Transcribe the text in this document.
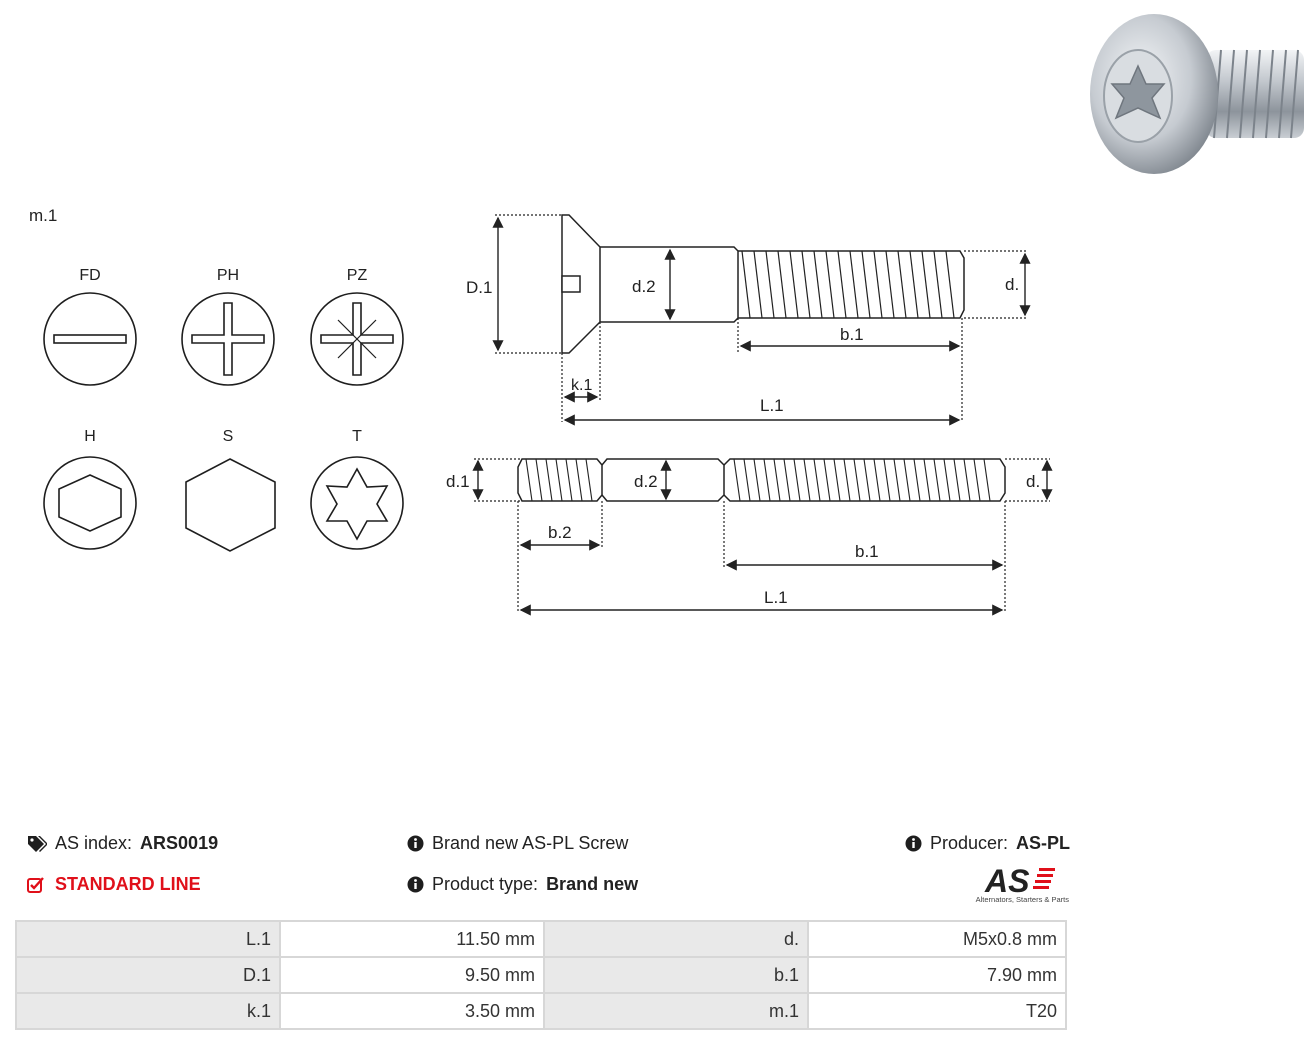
m.1
FD	PH	PZ
H	S	T
D.1	d.2	d.
b.1
k.1
L.1
d.1	d.2	d.
b.2
b.1
L.1
AS index: ARS0019
STANDARD LINE
Brand new AS-PL Screw
Product type: Brand new
Producer: AS-PL
AS
Alternators, Starters & Parts
L.1	11.50 mm	d.	M5x0.8 mm
D.1	9.50 mm	b.1	7.90 mm
k.1	3.50 mm	m.1	T20
